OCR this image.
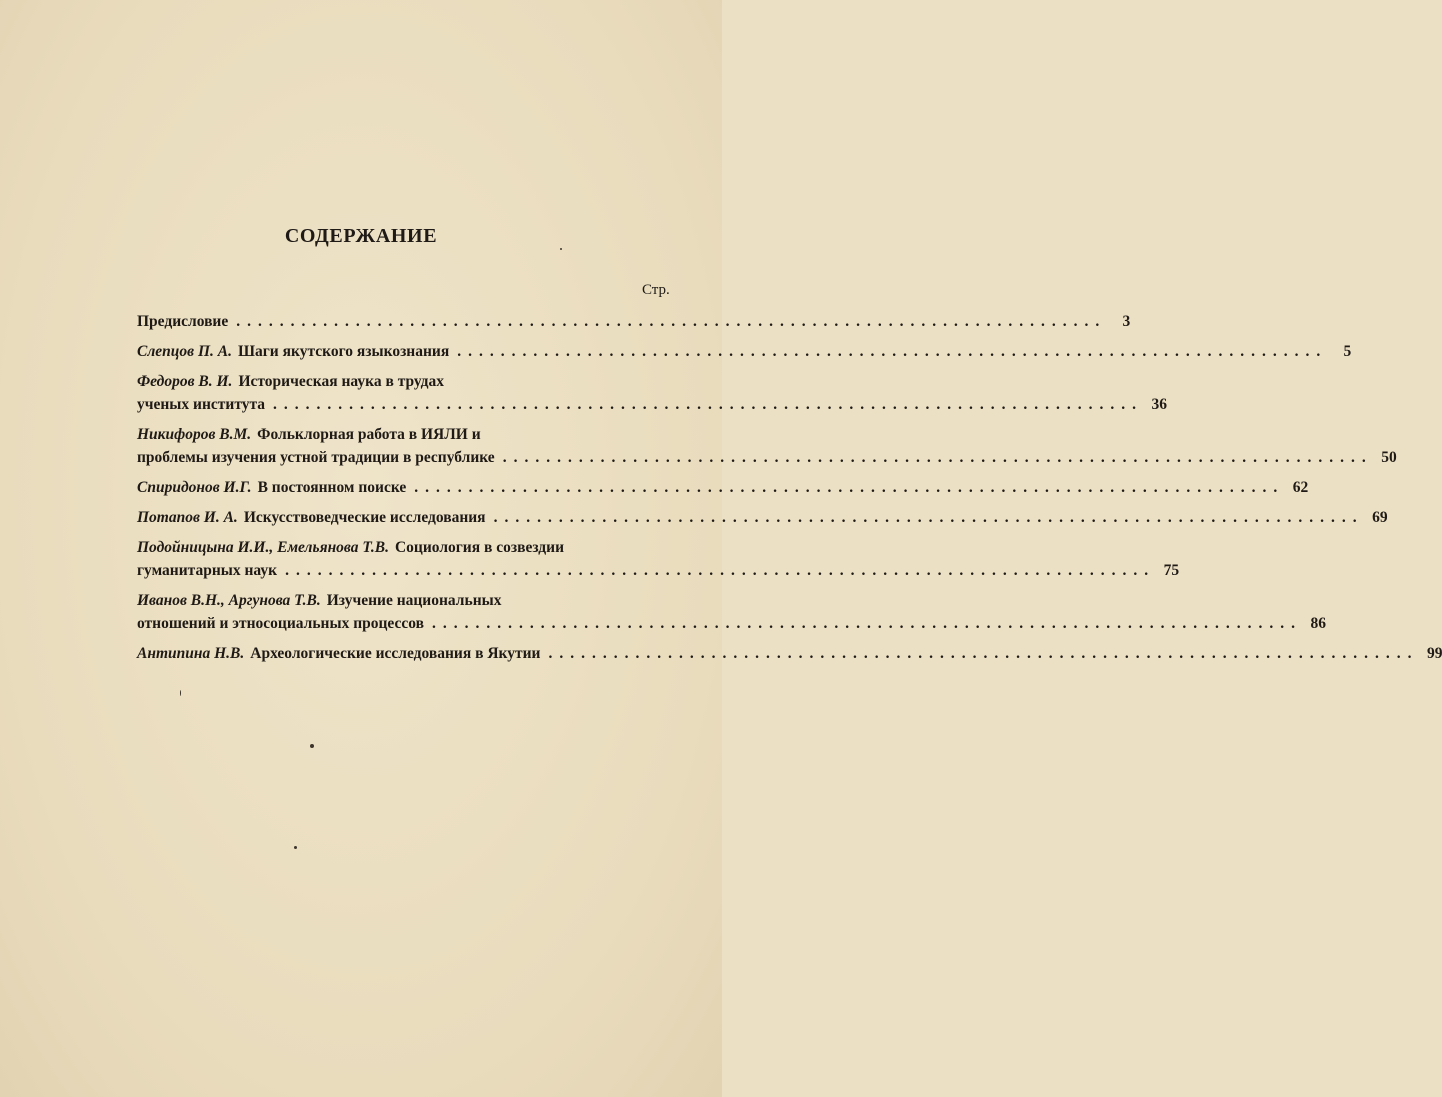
СОДЕРЖАНИЕ
Стр.
Предисловие ................................................................................	3
Слепцов П. А. Шаги якутского языкознания ................................................................................	5
Федоров В. И. Историческая наука в трудах
ученых института ................................................................................ 36
Никифоров В.М. Фольклорная работа в ИЯЛИ и
проблемы изучения устной традиции в республике ................................................................................ 50
Спиридонов И.Г. В постоянном поиске ................................................................................ 62
Потапов И. А. Искусствоведческие исследования ................................................................................ 69
Подойницына И.И., Емельянова Т.В. Социология в созвездии
гуманитарных наук ................................................................................ 75
Иванов В.Н., Аргунова Т.В. Изучение национальных
отношений и этносоциальных процессов ................................................................................ 86
Антипина Н.В. Археологические исследования в Якутии ................................................................................ 99
